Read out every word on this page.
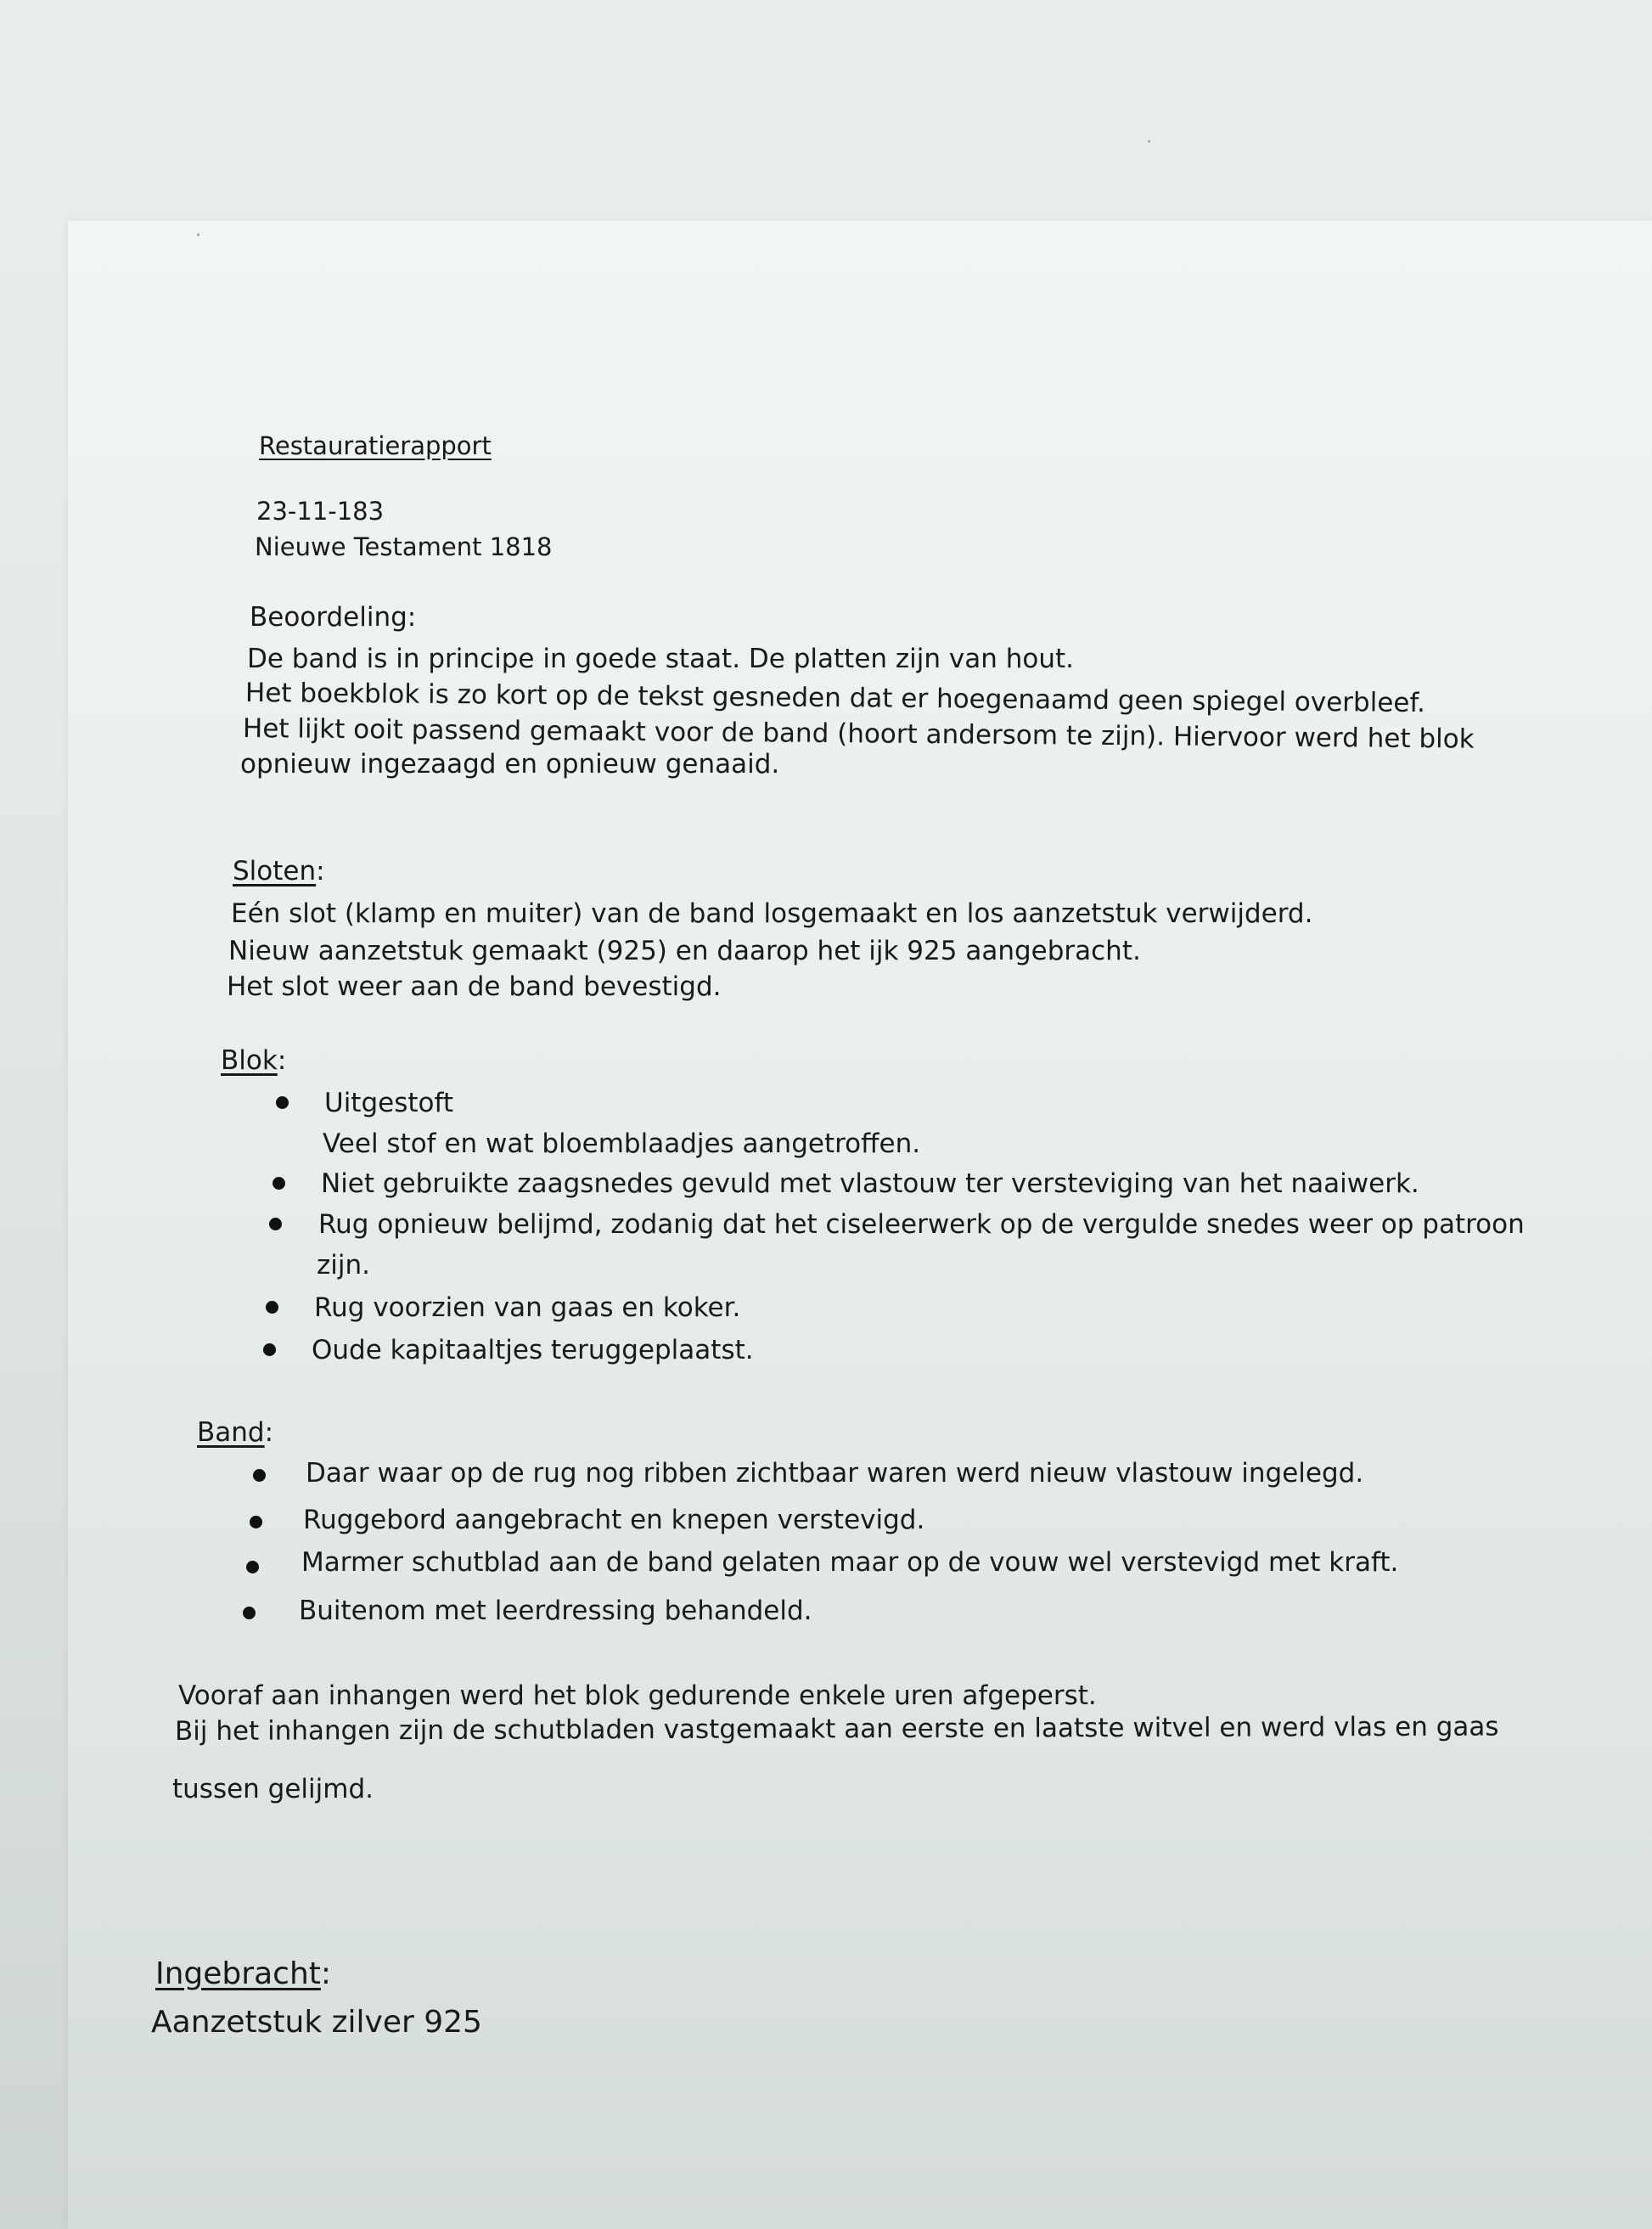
Restauratierapport
23-11-183
Nieuwe Testament 1818
Beoordeling:
De band is in principe in goede staat. De platten zijn van hout.
Het boekblok is zo kort op de tekst gesneden dat er hoegenaamd geen spiegel overbleef.
Het lijkt ooit passend gemaakt voor de band (hoort andersom te zijn). Hiervoor werd het blok
opnieuw ingezaagd en opnieuw genaaid.
Sloten:
Eén slot (klamp en muiter) van de band losgemaakt en los aanzetstuk verwijderd.
Nieuw aanzetstuk gemaakt (925) en daarop het ijk 925 aangebracht.
Het slot weer aan de band bevestigd.
Blok:
Uitgestoft
Veel stof en wat bloemblaadjes aangetroffen.
Niet gebruikte zaagsnedes gevuld met vlastouw ter versteviging van het naaiwerk.
Rug opnieuw belijmd, zodanig dat het ciseleerwerk op de vergulde snedes weer op patroon
zijn.
Rug voorzien van gaas en koker.
Oude kapitaaltjes teruggeplaatst.
Band:
Daar waar op de rug nog ribben zichtbaar waren werd nieuw vlastouw ingelegd.
Ruggebord aangebracht en knepen verstevigd.
Marmer schutblad aan de band gelaten maar op de vouw wel verstevigd met kraft.
Buitenom met leerdressing behandeld.
Vooraf aan inhangen werd het blok gedurende enkele uren afgeperst.
Bij het inhangen zijn de schutbladen vastgemaakt aan eerste en laatste witvel en werd vlas en gaas
tussen gelijmd.
Ingebracht:
Aanzetstuk zilver 925
